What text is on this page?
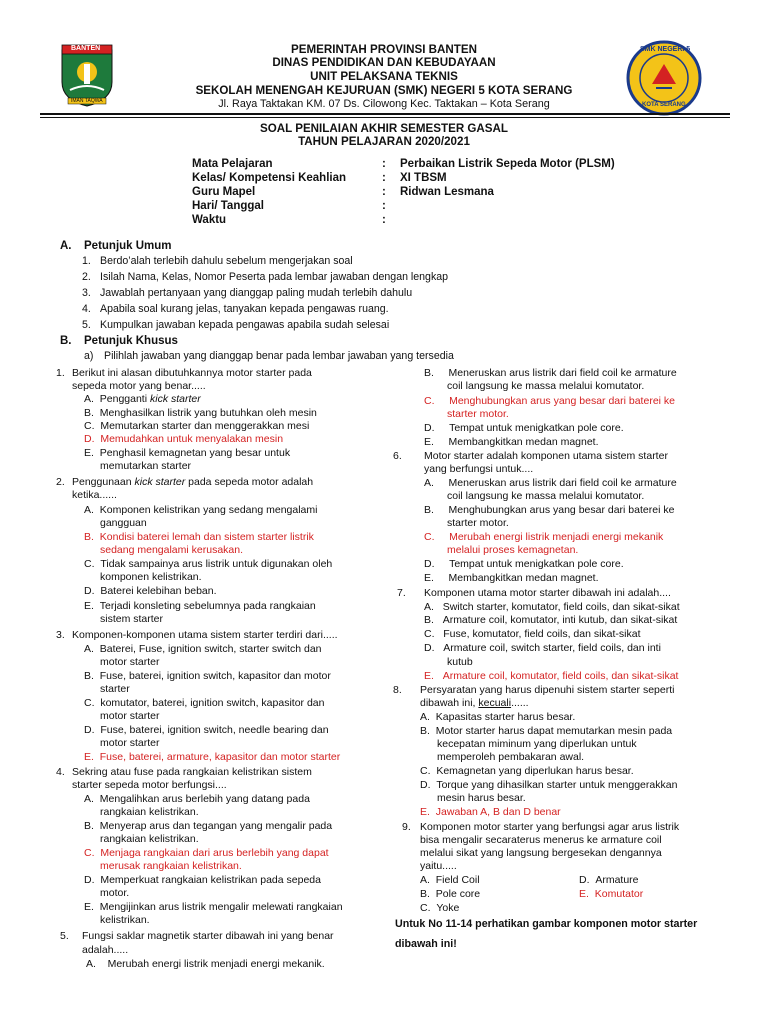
BANTEN
IMAN TAQWA
SMK NEGERI 5
KOTA SERANG
PEMERINTAH PROVINSI BANTEN
DINAS PENDIDIKAN DAN KEBUDAYAAN
UNIT PELAKSANA TEKNIS
SEKOLAH MENENGAH KEJURUAN (SMK) NEGERI 5 KOTA SERANG
Jl. Raya Taktakan KM. 07 Ds. Cilowong Kec. Taktakan – Kota Serang
SOAL PENILAIAN AKHIR SEMESTER GASAL
TAHUN PELAJARAN 2020/2021
Mata Pelajaran	: Perbaikan Listrik Sepeda Motor (PLSM)
Kelas/ Kompetensi Keahlian	: XI TBSM
Guru Mapel	: Ridwan Lesmana
Hari/ Tanggal	:
Waktu	:
A. Petunjuk Umum
1. Berdo’alah terlebih dahulu sebelum mengerjakan soal
2. Isilah Nama, Kelas, Nomor Peserta pada lembar jawaban dengan lengkap
3. Jawablah pertanyaan yang dianggap paling mudah terlebih dahulu
4. Apabila soal kurang jelas, tanyakan kepada pengawas ruang.
5. Kumpulkan jawaban kepada pengawas apabila sudah selesai
B. Petunjuk Khusus
a) Pilihlah jawaban yang dianggap benar pada lembar jawaban yang tersedia
1. Berikut ini alasan dibutuhkannya motor starter pada
sepeda motor yang benar.....
A.  Pengganti kick starter
B.  Menghasilkan listrik yang butuhkan oleh mesin
C.  Memutarkan starter dan menggerakkan mesi
D.  Memudahkan untuk menyalakan mesin
E.  Penghasil kemagnetan yang besar untuk
memutarkan starter
2. Penggunaan kick starter pada sepeda motor adalah
ketika......
A.  Komponen kelistrikan yang sedang mengalami
gangguan
B.  Kondisi baterei lemah dan sistem starter listrik
sedang mengalami kerusakan.
C.  Tidak sampainya arus listrik untuk digunakan oleh
komponen kelistrikan.
D.  Baterei kelebihan beban.
E.  Terjadi konsleting sebelumnya pada rangkaian
sistem starter
3. Komponen-komponen utama sistem starter terdiri dari.....
A.  Baterei, Fuse, ignition switch, starter switch dan
motor starter
B.  Fuse, baterei, ignition switch, kapasitor dan motor
starter
C.  komutator, baterei, ignition switch, kapasitor dan
motor starter
D.  Fuse, baterei, ignition switch, needle bearing dan
motor starter
E.  Fuse, baterei, armature, kapasitor dan motor starter
4. Sekring atau fuse pada rangkaian kelistrikan sistem
starter sepeda motor berfungsi....
A.  Mengalihkan arus berlebih yang datang pada
rangkaian kelistrikan.
B.  Menyerap arus dan tegangan yang mengalir pada
rangkaian kelistrikan.
C.  Menjaga rangkaian dari arus berlebih yang dapat
merusak rangkaian kelistrikan.
D.  Memperkuat rangkaian kelistrikan pada sepeda
motor.
E.  Mengijinkan arus listrik mengalir melewati rangkaian
kelistrikan.
5. Fungsi saklar magnetik starter dibawah ini yang benar
adalah.....
A.    Merubah energi listrik menjadi energi mekanik.
B.     Meneruskan arus listrik dari field coil ke armature
coil langsung ke massa melalui komutator.
C.     Menghubungkan arus yang besar dari baterei ke
starter motor.
D.     Tempat untuk menigkatkan pole core.
E.     Membangkitkan medan magnet.
6. Motor starter adalah komponen utama sistem starter
yang berfungsi untuk....
A.     Meneruskan arus listrik dari field coil ke armature
coil langsung ke massa melalui komutator.
B.     Menghubungkan arus yang besar dari baterei ke
starter motor.
C.     Merubah energi listrik menjadi energi mekanik
melalui proses kemagnetan.
D.     Tempat untuk menigkatkan pole core.
E.     Membangkitkan medan magnet.
7. Komponen utama motor starter dibawah ini adalah....
A.   Switch starter, komutator, field coils, dan sikat-sikat
B.   Armature coil, komutator, inti kutub, dan sikat-sikat
C.   Fuse, komutator, field coils, dan sikat-sikat
D.   Armature coil, switch starter, field coils, dan inti
kutub
E.   Armature coil, komutator, field coils, dan sikat-sikat
8. Persyaratan yang harus dipenuhi sistem starter seperti
dibawah ini, kecuali......
A.  Kapasitas starter harus besar.
B.  Motor starter harus dapat memutarkan mesin pada
kecepatan miminum yang diperlukan untuk
memperoleh pembakaran awal.
C.  Kemagnetan yang diperlukan harus besar.
D.  Torque yang dihasilkan starter untuk menggerakkan
mesin harus besar.
E.  Jawaban A, B dan D benar
9. Komponen motor starter yang berfungsi agar arus listrik
bisa mengalir secaraterus menerus ke armature coil
melalui sikat yang langsung bergesekan dengannya
yaitu.....
A.  Field Coil
B.  Pole core
C.  Yoke
D.  Armature
E.  Komutator
Untuk No 11-14 perhatikan gambar komponen motor starter
dibawah ini!
